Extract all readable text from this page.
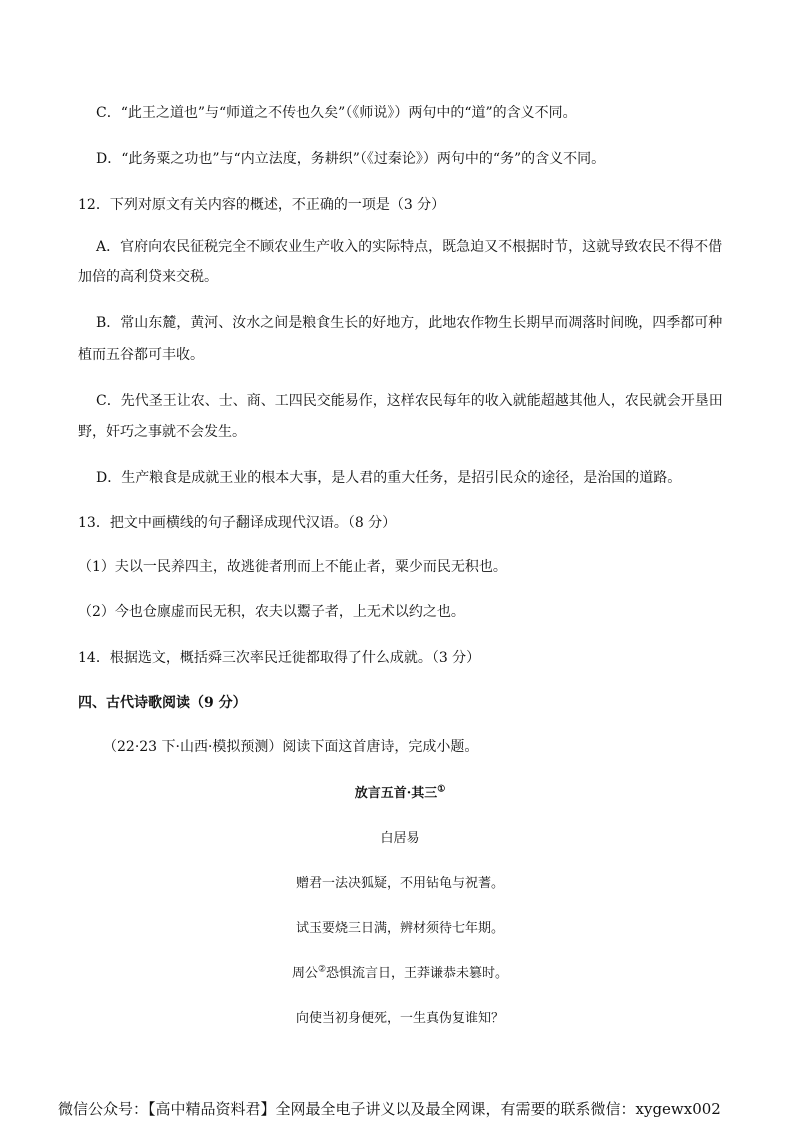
C．“此王之道也”与“师道之不传也久矣”（《师说》）两句中的“道”的含义不同。
D．“此务粟之功也”与“内立法度，务耕织”（《过秦论》）两句中的“务”的含义不同。
12．下列对原文有关内容的概述，不正确的一项是（3 分）
A．官府向农民征税完全不顾农业生产收入的实际特点，既急迫又不根据时节，这就导致农民不得不借
加倍的高利贷来交税。
B．常山东麓，黄河、汝水之间是粮食生长的好地方，此地农作物生长期早而凋落时间晚，四季都可种
植而五谷都可丰收。
C．先代圣王让农、士、商、工四民交能易作，这样农民每年的收入就能超越其他人，农民就会开垦田
野，奸巧之事就不会发生。
D．生产粮食是成就王业的根本大事，是人君的重大任务，是招引民众的途径，是治国的道路。
13．把文中画横线的句子翻译成现代汉语。（8 分）
（1）夫以一民养四主，故逃徙者刑而上不能止者，粟少而民无积也。
（2）今也仓廪虚而民无积，农夫以鬻子者，上无术以约之也。
14．根据选文，概括舜三次率民迁徙都取得了什么成就。（3 分）
四、古代诗歌阅读（9 分）
（22·23 下·山西·模拟预测）阅读下面这首唐诗，完成小题。
放言五首·其三①
白居易
赠君一法决狐疑，不用钻龟与祝蓍。
试玉要烧三日满，辨材须待七年期。
周公②恐惧流言日，王莽谦恭未篡时。
向使当初身便死，一生真伪复谁知？
微信公众号：【高中精品资料君】全网最全电子讲义以及最全网课，有需要的联系微信：xygewx002
